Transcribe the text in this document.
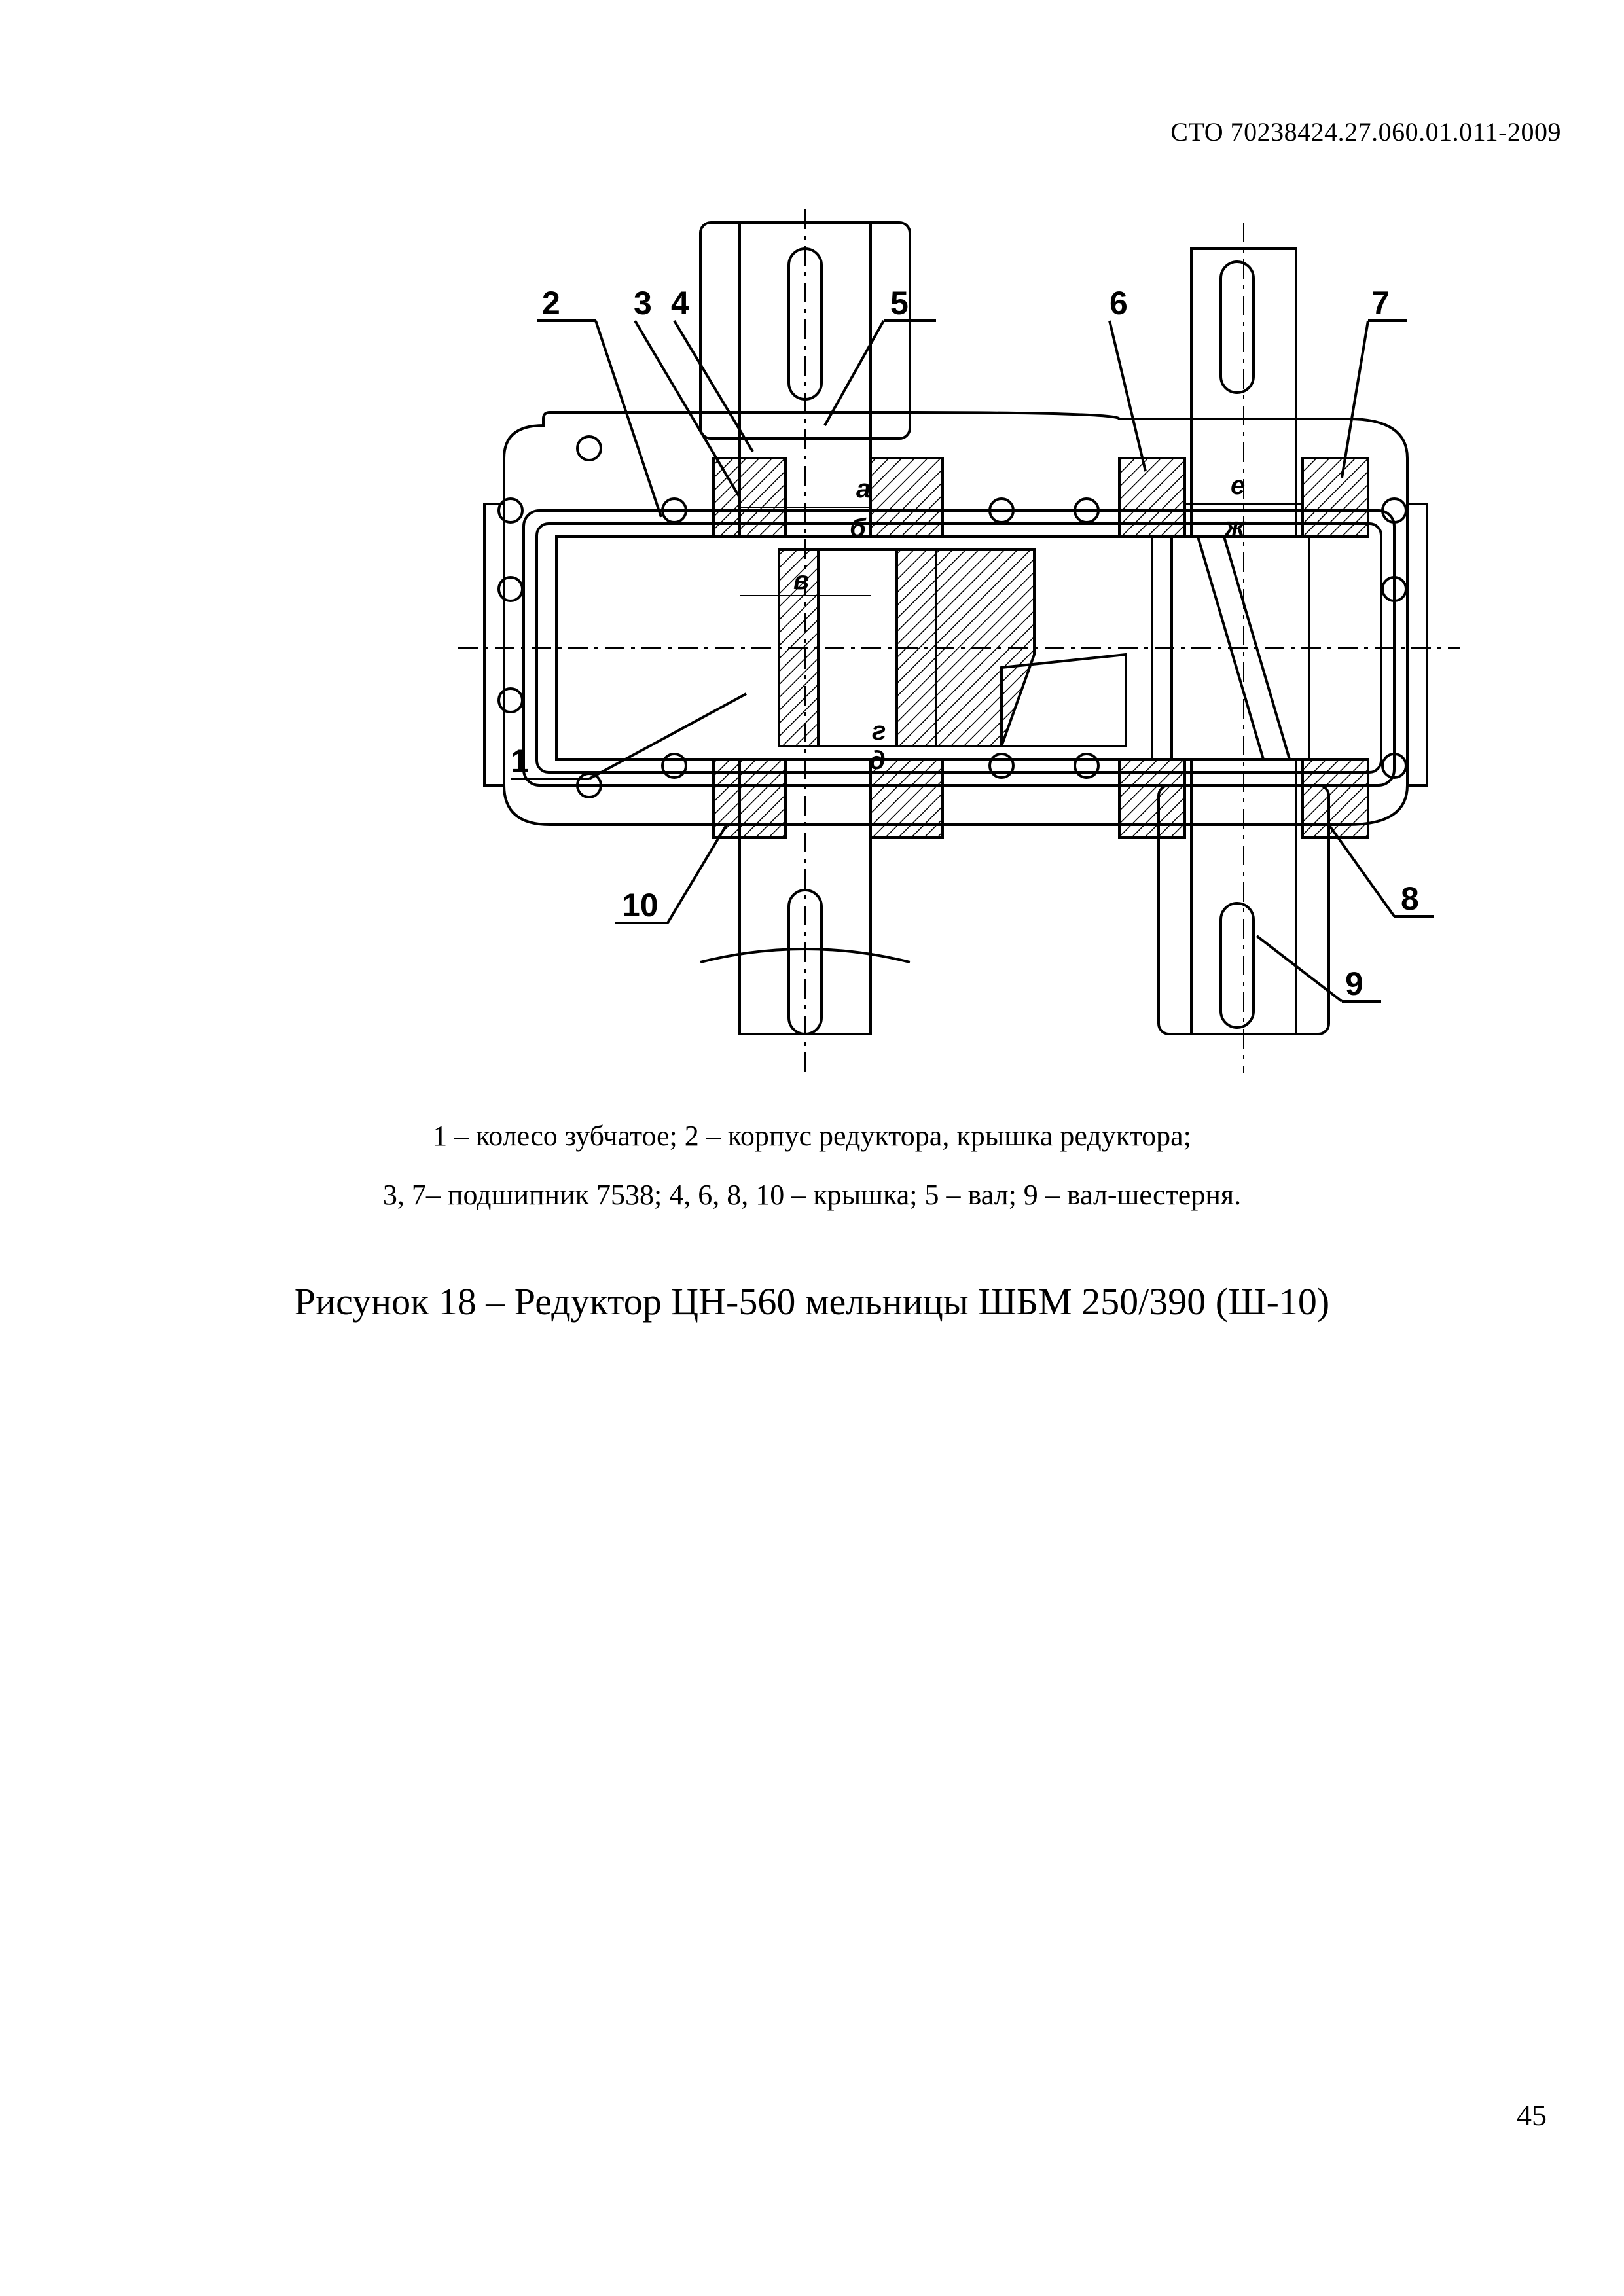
СТО 70238424.27.060.01.011-2009
1
2 3 4	5	6	7
8
9
10
а
б
в
г
д
е
ж
1 – колесо зубчатое; 2 – корпус редуктора, крышка редуктора;
3, 7– подшипник 7538; 4, 6, 8, 10 – крышка; 5 – вал; 9 – вал-шестерня.
Рисунок 18 – Редуктор ЦН-560 мельницы ШБМ 250/390 (Ш-10)
45
